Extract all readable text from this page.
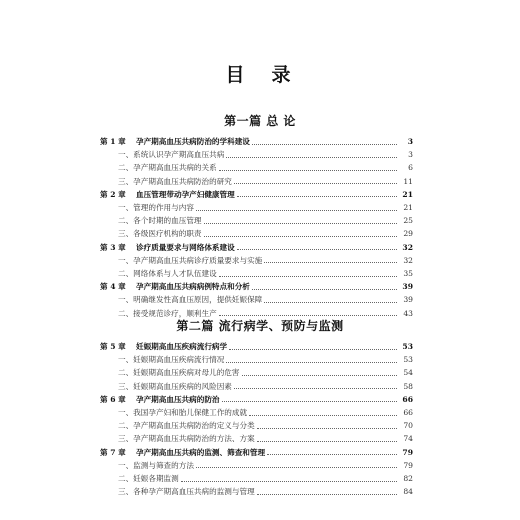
目　录
第一篇 总 论
第 1 章	孕产期高血压共病防治的学科建设	3
一、系统认识孕产期高血压共病	3
二、孕产期高血压共病的关系	6
三、孕产期高血压共病防治的研究	11
第 2 章	血压管理带动孕产妇健康管理	21
一、管理的作用与内容	21
二、各个时期的血压管理	25
三、各级医疗机构的职责	29
第 3 章	诊疗质量要求与网络体系建设	32
一、孕产期高血压共病诊疗质量要求与实施	32
二、网络体系与人才队伍建设	35
第 4 章	孕产期高血压共病病例特点和分析	39
一、明确继发性高血压原因，提供妊娠保障	39
二、接受规范诊疗，顺利生产	43
第二篇 流行病学、预防与监测
第 5 章	妊娠期高血压疾病流行病学	53
一、妊娠期高血压疾病流行情况	53
二、妊娠期高血压疾病对母儿的危害	54
三、妊娠期高血压疾病的风险因素	58
第 6 章	孕产期高血压共病的防治	66
一、我国孕产妇和胎儿保健工作的成就	66
二、孕产期高血压共病防治的定义与分类	70
三、孕产期高血压共病防治的方法、方案	74
第 7 章	孕产期高血压共病的监测、筛查和管理	79
一、监测与筛查的方法	79
二、妊娠各期监测	82
三、各种孕产期高血压共病的监测与管理	84
